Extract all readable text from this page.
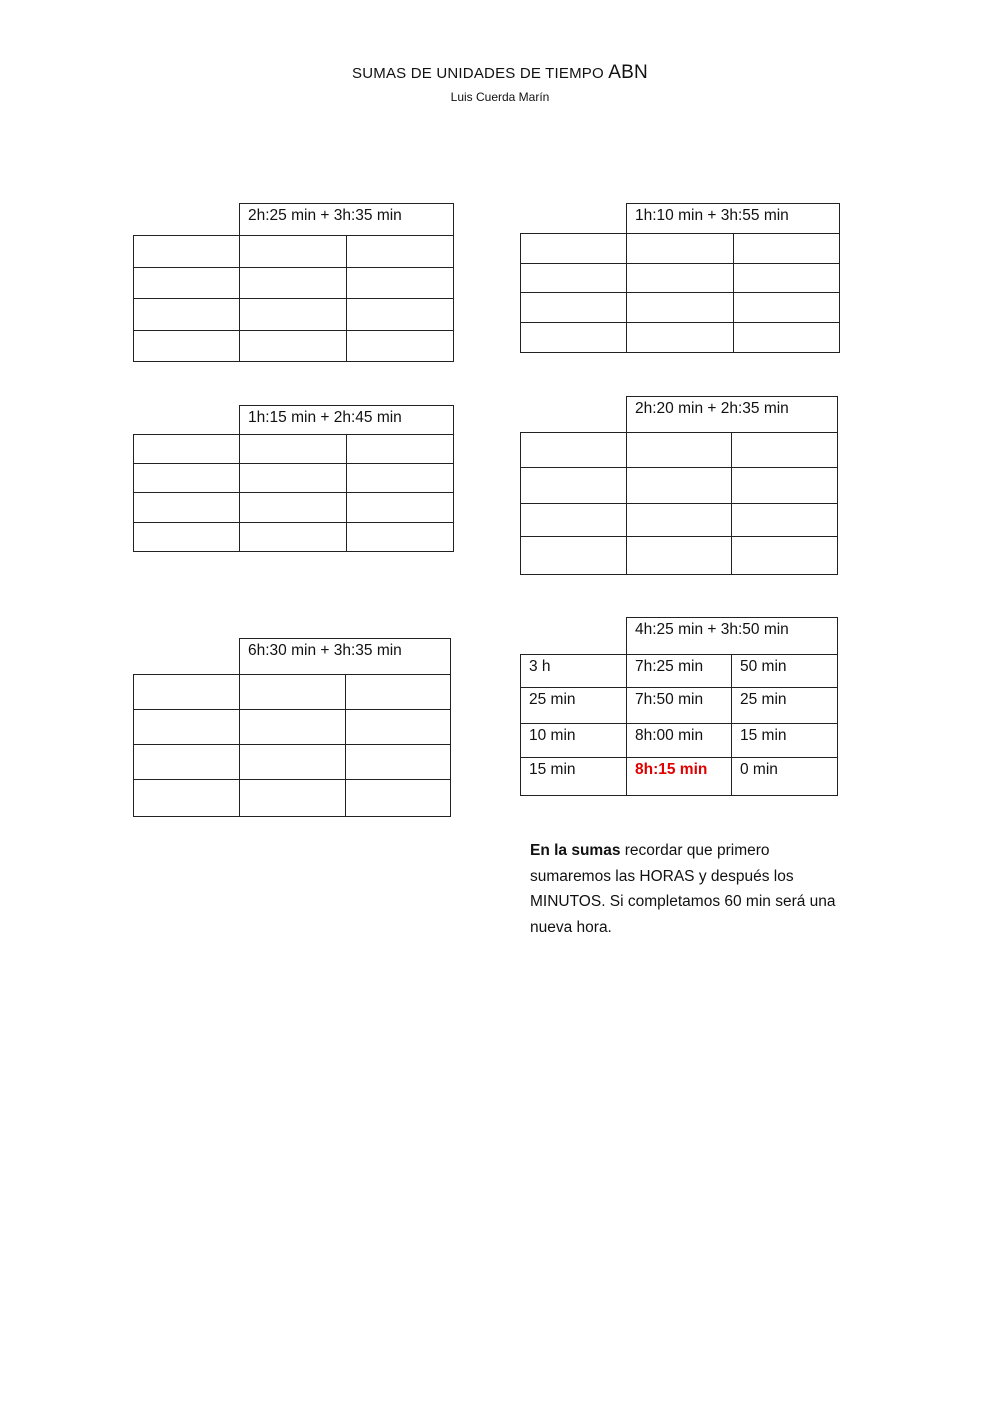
SUMAS DE UNIDADES DE TIEMPO ABN
Luis Cuerda Marín
	2h:25 min + 3h:35 min	

		1h:10 min + 3h:55 min	

	1h:15 min + 2h:45 min	

	2h:20 min + 2h:35 min	

	6h:30 min + 3h:35 min	

	4h:25 min + 3h:50 min	
3 h	7h:25 min	50 min
25 min	7h:50 min	25 min
10 min	8h:00 min	15 min
15 min	8h:15 min	0 min
En la sumas recordar que primero sumaremos las HORAS y después los MINUTOS. Si completamos 60 min será una nueva hora.
